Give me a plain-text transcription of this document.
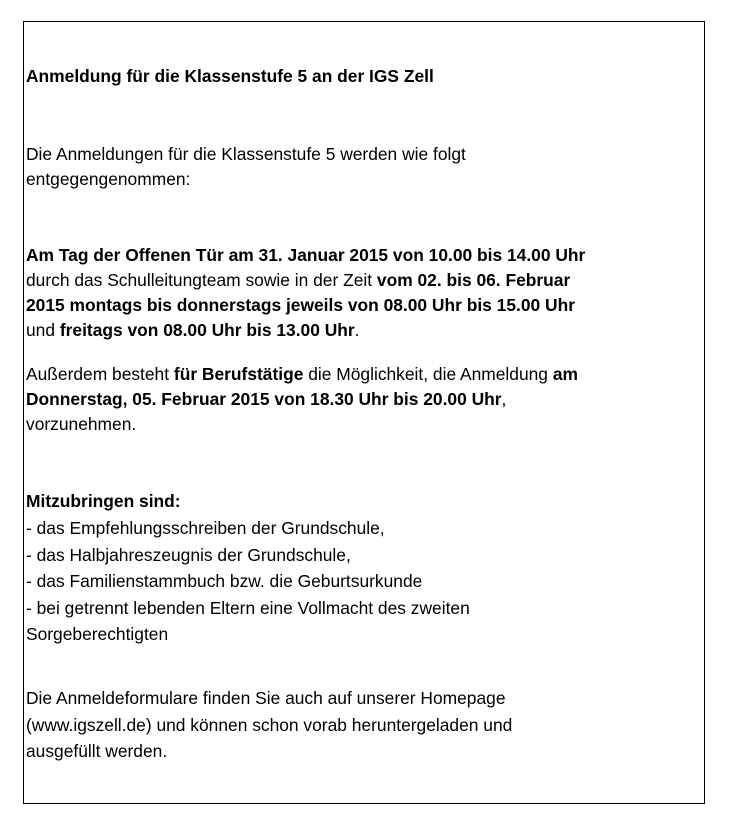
Anmeldung für die Klassenstufe 5 an der IGS Zell

Die Anmeldungen für die Klassenstufe 5 werden wie folgt
entgegengenommen:

Am Tag der Offenen Tür am 31. Januar 2015 von 10.00 bis 14.00 Uhr
durch das Schulleitungteam sowie in der Zeit vom 02. bis 06. Februar
2015 montags bis donnerstags jeweils von 08.00 Uhr bis 15.00 Uhr
und freitags von 08.00 Uhr bis 13.00 Uhr.

Außerdem besteht für Berufstätige die Möglichkeit, die Anmeldung am
Donnerstag, 05. Februar 2015 von 18.30 Uhr bis 20.00 Uhr,
vorzunehmen.

Mitzubringen sind:

- das Empfehlungsschreiben der Grundschule,
- das Halbjahreszeugnis der Grundschule,
- das Familienstammbuch bzw. die Geburtsurkunde
- bei getrennt lebenden Eltern eine Vollmacht des zweiten
Sorgeberechtigten

Die Anmeldeformulare finden Sie auch auf unserer Homepage
(www.igszell.de) und können schon vorab heruntergeladen und
ausgefüllt werden.
